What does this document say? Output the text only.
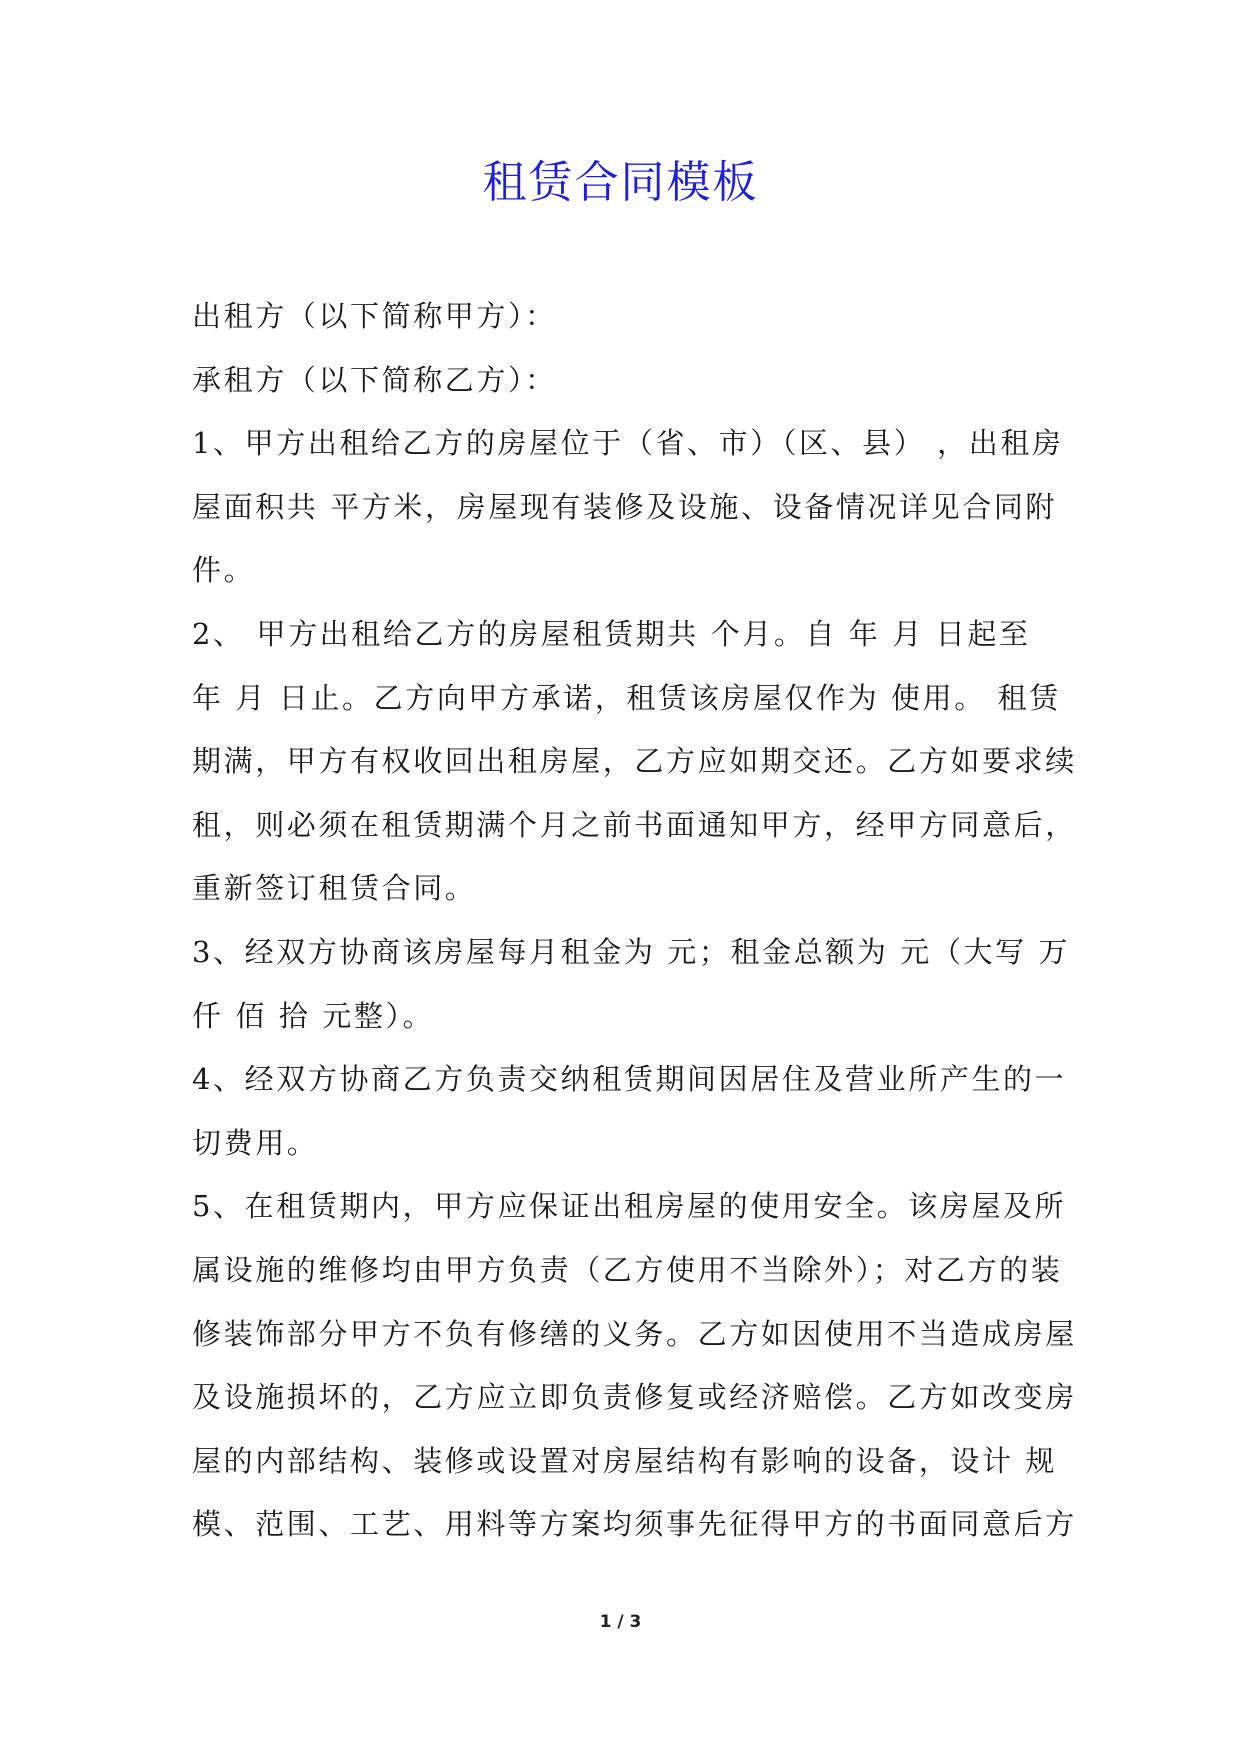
租赁合同模板
出租方（以下简称甲方）：
承租方（以下简称乙方）：
1、甲方出租给乙方的房屋位于（省、市）（区、县） ，出租房
屋面积共 平方米，房屋现有装修及设施、设备情况详见合同附
件。
2、 甲方出租给乙方的房屋租赁期共 个月。自 年 月 日起至
年 月 日止。乙方向甲方承诺，租赁该房屋仅作为 使用。 租赁
期满，甲方有权收回出租房屋，乙方应如期交还。乙方如要求续
租，则必须在租赁期满个月之前书面通知甲方，经甲方同意后，
重新签订租赁合同。
3、经双方协商该房屋每月租金为 元；租金总额为 元（大写 万
仟 佰 拾 元整）。
4、经双方协商乙方负责交纳租赁期间因居住及营业所产生的一
切费用。
5、在租赁期内，甲方应保证出租房屋的使用安全。该房屋及所
属设施的维修均由甲方负责（乙方使用不当除外）；对乙方的装
修装饰部分甲方不负有修缮的义务。乙方如因使用不当造成房屋
及设施损坏的，乙方应立即负责修复或经济赔偿。乙方如改变房
屋的内部结构、装修或设置对房屋结构有影响的设备，设计 规
模、范围、工艺、用料等方案均须事先征得甲方的书面同意后方
1 / 3
